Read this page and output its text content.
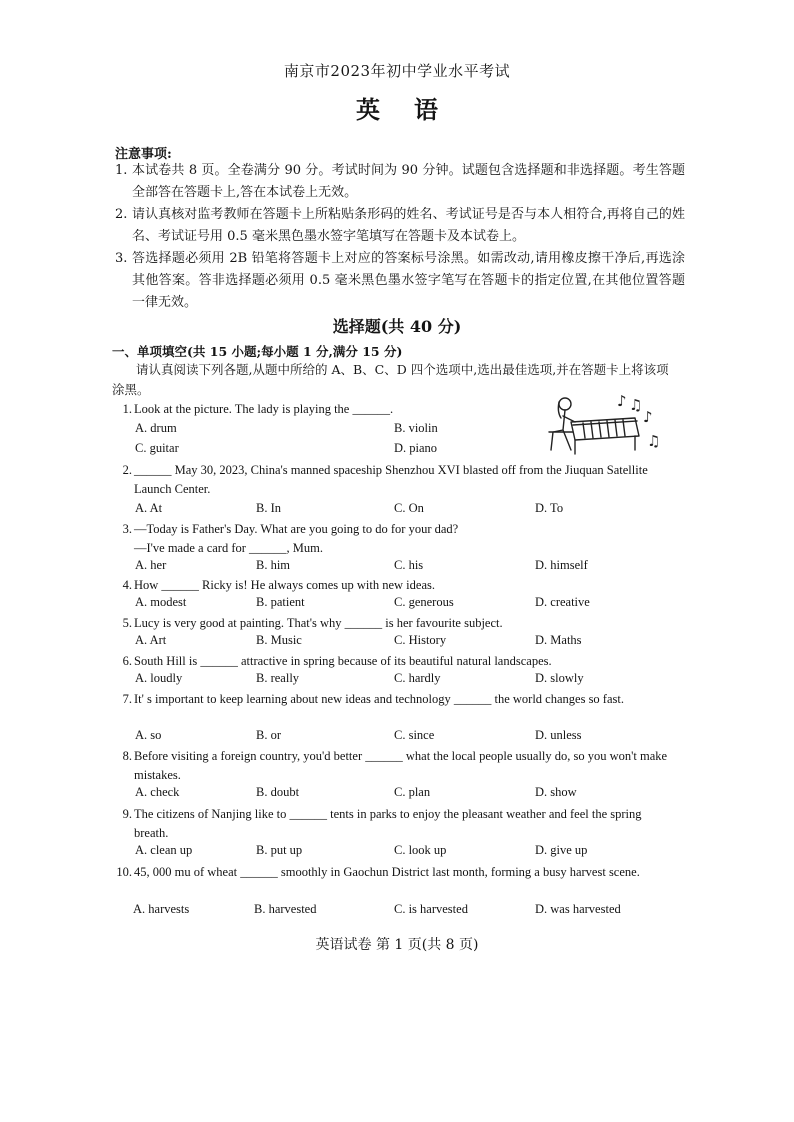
南京市2023年初中学业水平考试
英语
注意事项:
1. 本试卷共 8 页。全卷满分 90 分。考试时间为 90 分钟。试题包含选择题和非选择题。考生答题全部答在答题卡上,答在本试卷上无效。
2. 请认真核对监考教师在答题卡上所粘贴条形码的姓名、考试证号是否与本人相符合,再将自己的姓名、考试证号用 0.5 毫米黑色墨水签字笔填写在答题卡及本试卷上。
3. 答选择题必须用 2B 铅笔将答题卡上对应的答案标号涂黑。如需改动,请用橡皮擦干净后,再选涂其他答案。答非选择题必须用 0.5 毫米黑色墨水签字笔写在答题卡的指定位置,在其他位置答题一律无效。
选择题(共 40 分)
一、单项填空(共 15 小题;每小题 1 分,满分 15 分)
请认真阅读下列各题,从题中所给的 A、B、C、D 四个选项中,选出最佳选项,并在答题卡上将该项涂黑。
♫
♪
♪
♫
1. Look at the picture. The lady is playing the ______.
A. drum	B. violin
C. guitar	D. piano
2. ______ May 30, 2023, China's manned spaceship Shenzhou XVI blasted off from the Jiuquan Satellite Launch Center.
A. At	B. In	C. On	D. To
3. —Today is Father's Day. What are you going to do for your dad?
—I've made a card for ______, Mum.
A. her	B. him	C. his	D. himself
4. How ______ Ricky is! He always comes up with new ideas.
A. modest	B. patient	C. generous	D. creative
5. Lucy is very good at painting. That's why ______ is her favourite subject.
A. Art	B. Music	C. History	D. Maths
6. South Hill is ______ attractive in spring because of its beautiful natural landscapes.
A. loudly	B. really	C. hardly	D. slowly
7. It' s important to keep learning about new ideas and technology ______ the world changes so fast.
A. so	B. or	C. since	D. unless
8. Before visiting a foreign country, you'd better ______ what the local people usually do, so you won't make mistakes.
A. check	B. doubt	C. plan	D. show
9. The citizens of Nanjing like to ______ tents in parks to enjoy the pleasant weather and feel the spring breath.
A. clean up	B. put up	C. look up	D. give up
10. 45, 000 mu of wheat ______ smoothly in Gaochun District last month, forming a busy harvest scene.
A. harvests	B. harvested	C. is harvested	D. was harvested
英语试卷 第 1 页(共 8 页)
